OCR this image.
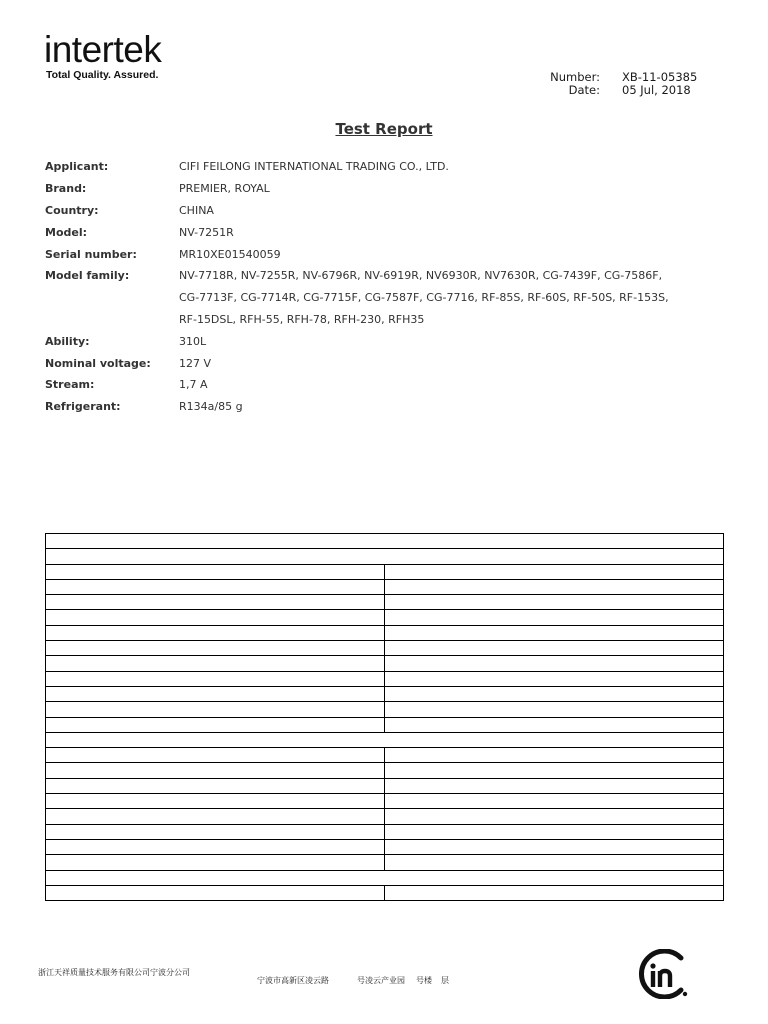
intertek
Total Quality. Assured.	Number: XB-11-05385
Date: 05 Jul, 2018
Test Report
Applicant:	CIFI FEILONG INTERNATIONAL TRADING CO., LTD.
Brand:	PREMIER, ROYAL
Country:	CHINA
Model:	NV-7251R
Serial number:	MR10XE01540059
Model family:	NV-7718R, NV-7255R, NV-6796R, NV-6919R, NV6930R, NV7630R, CG-7439F, CG-7586F,
CG-7713F, CG-7714R, CG-7715F, CG-7587F, CG-7716, RF-85S, RF-60S, RF-50S, RF-153S,
RF-15DSL, RFH-55, RFH-78, RFH-230, RFH35
Ability:	310L
Nominal voltage:	127 V
Stream:	1,7 A
Refrigerant:	R134a/85 g

浙江天祥质量技术服务有限公司宁波分公司
宁波市高新区凌云路	号凌云产业园 号楼 层
